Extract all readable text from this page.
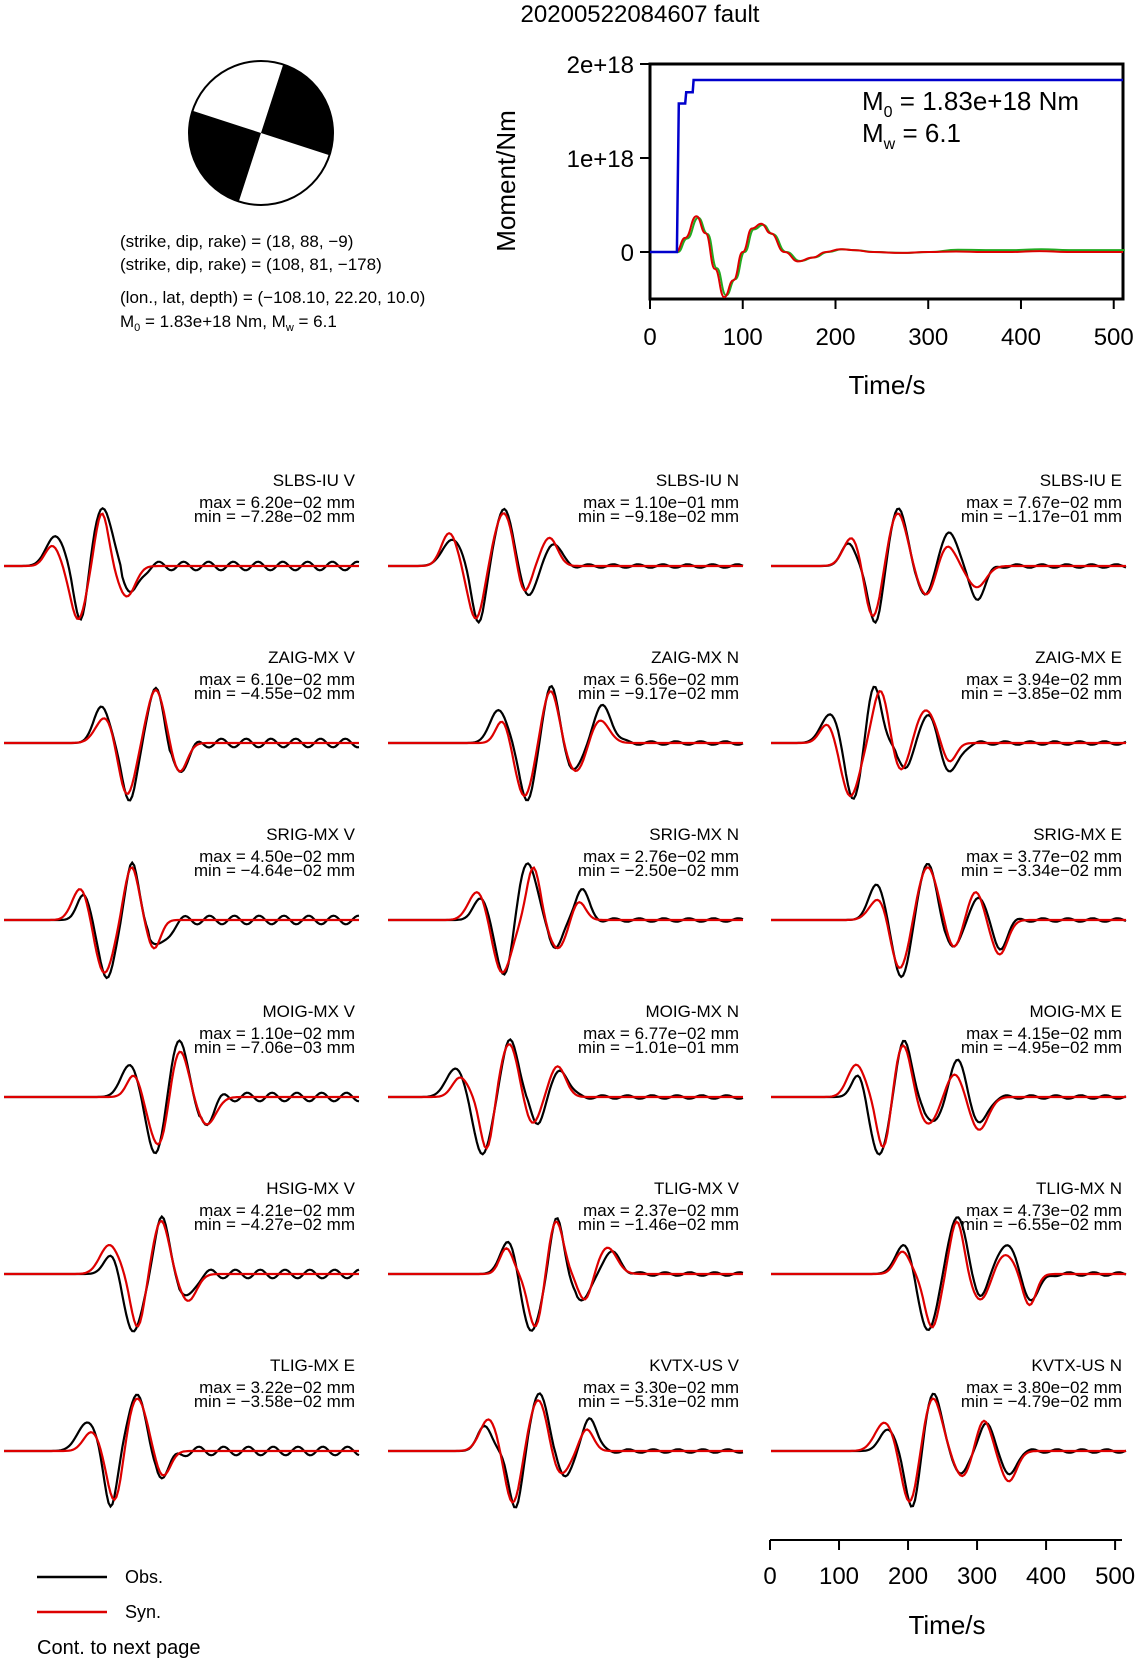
20200522084607 fault
(strike, dip, rake) = (18, 88, −9)
(strike, dip, rake) = (108, 81, −178)
(lon., lat, depth) = (−108.10, 22.20, 10.0)
$M_0 = 1.83e+18$ Nm, $M_w = 6.1$
2e+18
1e+18
0
0	100 200 300 400 500
Moment/Nm
Time/s
$M_0 = 1.83e+18$ Nm
$M_w = 6.1$
SLBS-IU V
max = 6.20e−02 mm
min = −7.28e−02 mm
SLBS-IU N
max = 1.10e−01 mm
min = −9.18e−02 mm
SLBS-IU E
max = 7.67e−02 mm
min = −1.17e−01 mm
ZAIG-MX V
max = 6.10e−02 mm
min = −4.55e−02 mm
ZAIG-MX N
max = 6.56e−02 mm
min = −9.17e−02 mm
ZAIG-MX E
max = 3.94e−02 mm
min = −3.85e−02 mm
SRIG-MX V
max = 4.50e−02 mm
min = −4.64e−02 mm
SRIG-MX N
max = 2.76e−02 mm
min = −2.50e−02 mm
SRIG-MX E
max = 3.77e−02 mm
min = −3.34e−02 mm
MOIG-MX V
max = 1.10e−02 mm
min = −7.06e−03 mm
MOIG-MX N
max = 6.77e−02 mm
min = −1.01e−01 mm
MOIG-MX E
max = 4.15e−02 mm
min = −4.95e−02 mm
HSIG-MX V
max = 4.21e−02 mm
min = −4.27e−02 mm
TLIG-MX V
max = 2.37e−02 mm
min = −1.46e−02 mm
TLIG-MX N
max = 4.73e−02 mm
min = −6.55e−02 mm
TLIG-MX E
max = 3.22e−02 mm
min = −3.58e−02 mm
KVTX-US V
max = 3.30e−02 mm
min = −5.31e−02 mm
KVTX-US N
max = 3.80e−02 mm
min = −4.79e−02 mm
0 100 200 300 400 500
Time/s
Obs.
Syn.
Cont. to next page
